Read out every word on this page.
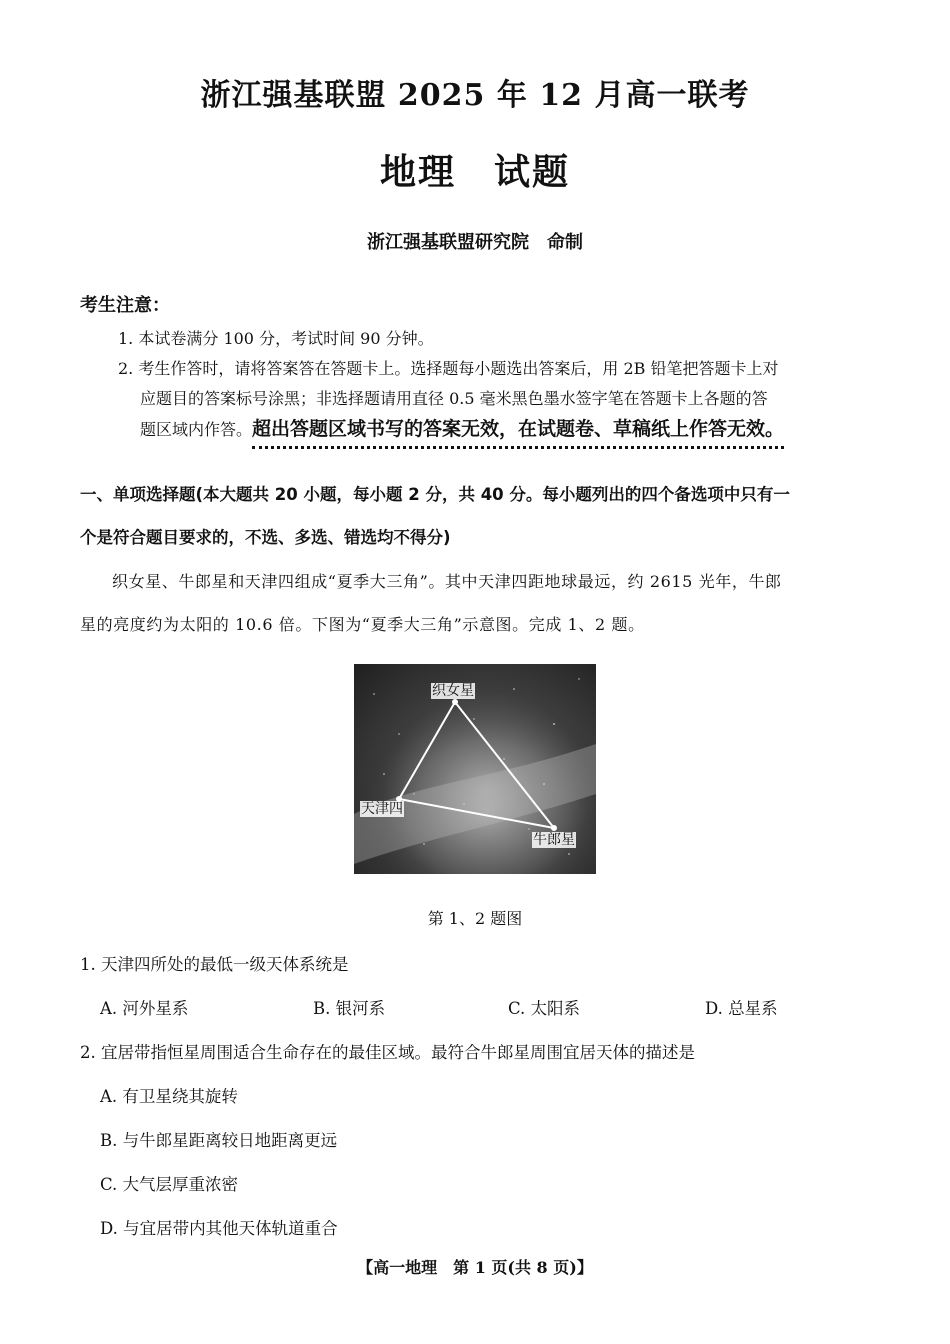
浙江强基联盟 2025 年 12 月高一联考
地理　试题
浙江强基联盟研究院　命制
考生注意：
1. 本试卷满分 100 分，考试时间 90 分钟。
2. 考生作答时，请将答案答在答题卡上。选择题每小题选出答案后，用 2B 铅笔把答题卡上对
应题目的答案标号涂黑；非选择题请用直径 0.5 毫米黑色墨水签字笔在答题卡上各题的答
题区域内作答。超出答题区域书写的答案无效，在试题卷、草稿纸上作答无效。
一、单项选择题(本大题共 20 小题，每小题 2 分，共 40 分。每小题列出的四个备选项中只有一
个是符合题目要求的，不选、多选、错选均不得分)
织女星、牛郎星和天津四组成“夏季大三角”。其中天津四距地球最远，约 2615 光年，牛郎
星的亮度约为太阳的 10.6 倍。下图为“夏季大三角”示意图。完成 1、2 题。
织女星
天津四
牛郎星
第 1、2 题图
1. 天津四所处的最低一级天体系统是
A. 河外星系	B. 银河系	C. 太阳系	D. 总星系
2. 宜居带指恒星周围适合生命存在的最佳区域。最符合牛郎星周围宜居天体的描述是
A. 有卫星绕其旋转
B. 与牛郎星距离较日地距离更远
C. 大气层厚重浓密
D. 与宜居带内其他天体轨道重合
【高一地理　第 1 页(共 8 页)】
